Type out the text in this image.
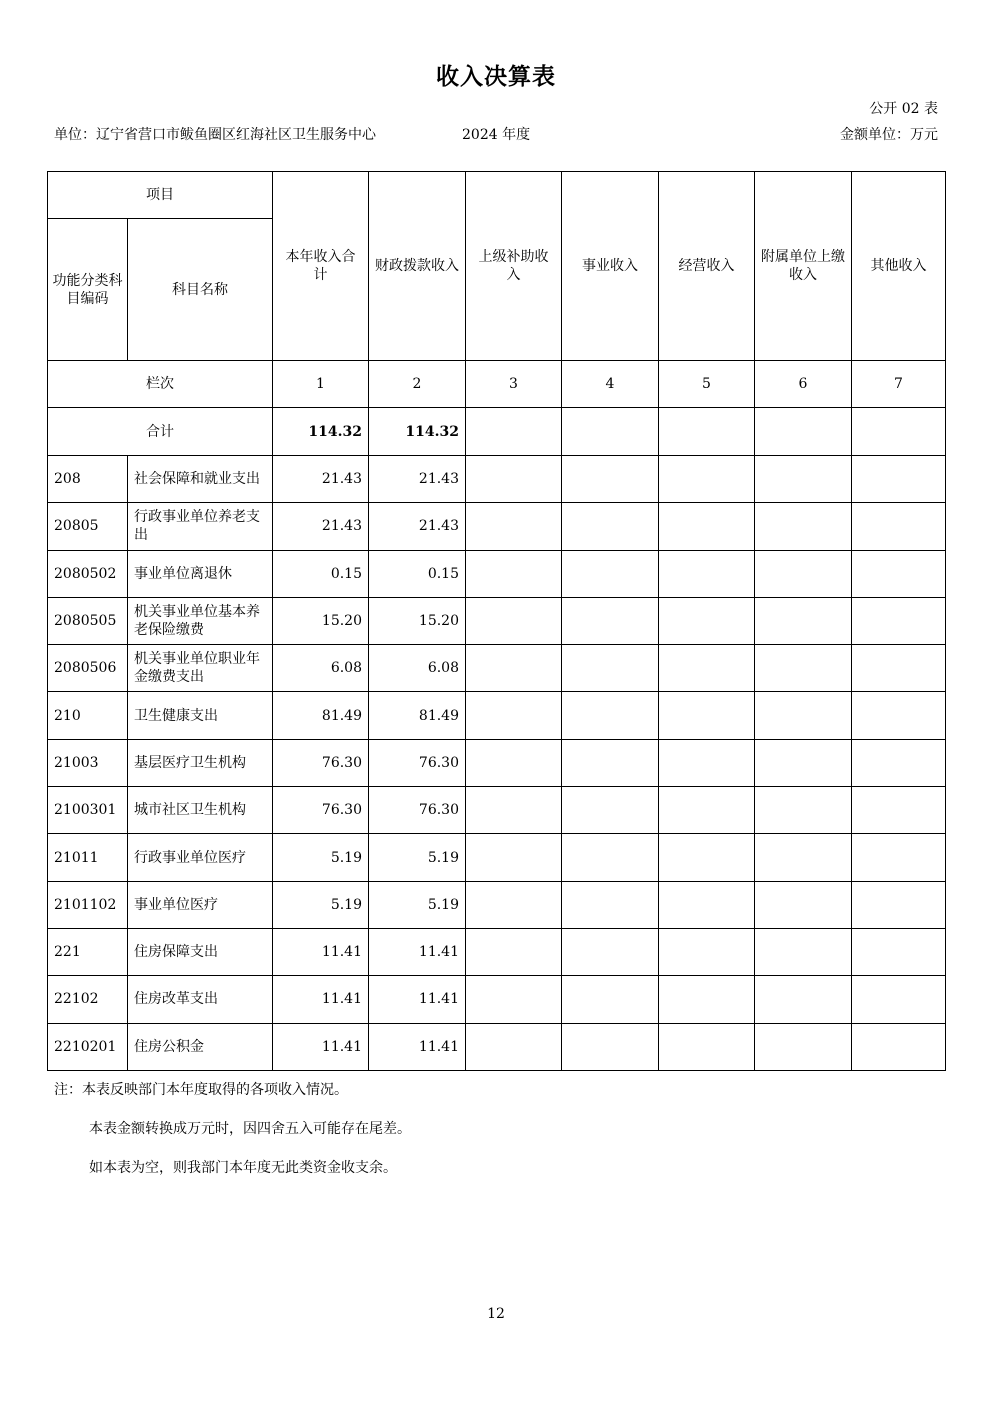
收入决算表
公开 02 表
单位：辽宁省营口市鲅鱼圈区红海社区卫生服务中心	2024 年度	金额单位：万元
项目		本年收入合计	财政拨款收入	上级补助收入	事业收入	经营收入	附属单位上缴收入	其他收入
功能分类科目编码	科目名称							
栏次		1	2	3	4	5	6	7
合计		114.32	114.32					
208	社会保障和就业支出	21.43	21.43					
20805	行政事业单位养老支出	21.43	21.43					
2080502	事业单位离退休	0.15	0.15					
2080505	机关事业单位基本养老保险缴费	15.20	15.20					
2080506	机关事业单位职业年金缴费支出	6.08	6.08					
210	卫生健康支出	81.49	81.49					
21003	基层医疗卫生机构	76.30	76.30					
2100301	城市社区卫生机构	76.30	76.30					
21011	行政事业单位医疗	5.19	5.19					
2101102	事业单位医疗	5.19	5.19					
221	住房保障支出	11.41	11.41					
22102	住房改革支出	11.41	11.41					
2210201	住房公积金	11.41	11.41					
注：本表反映部门本年度取得的各项收入情况。
本表金额转换成万元时，因四舍五入可能存在尾差。
如本表为空，则我部门本年度无此类资金收支余。
12
